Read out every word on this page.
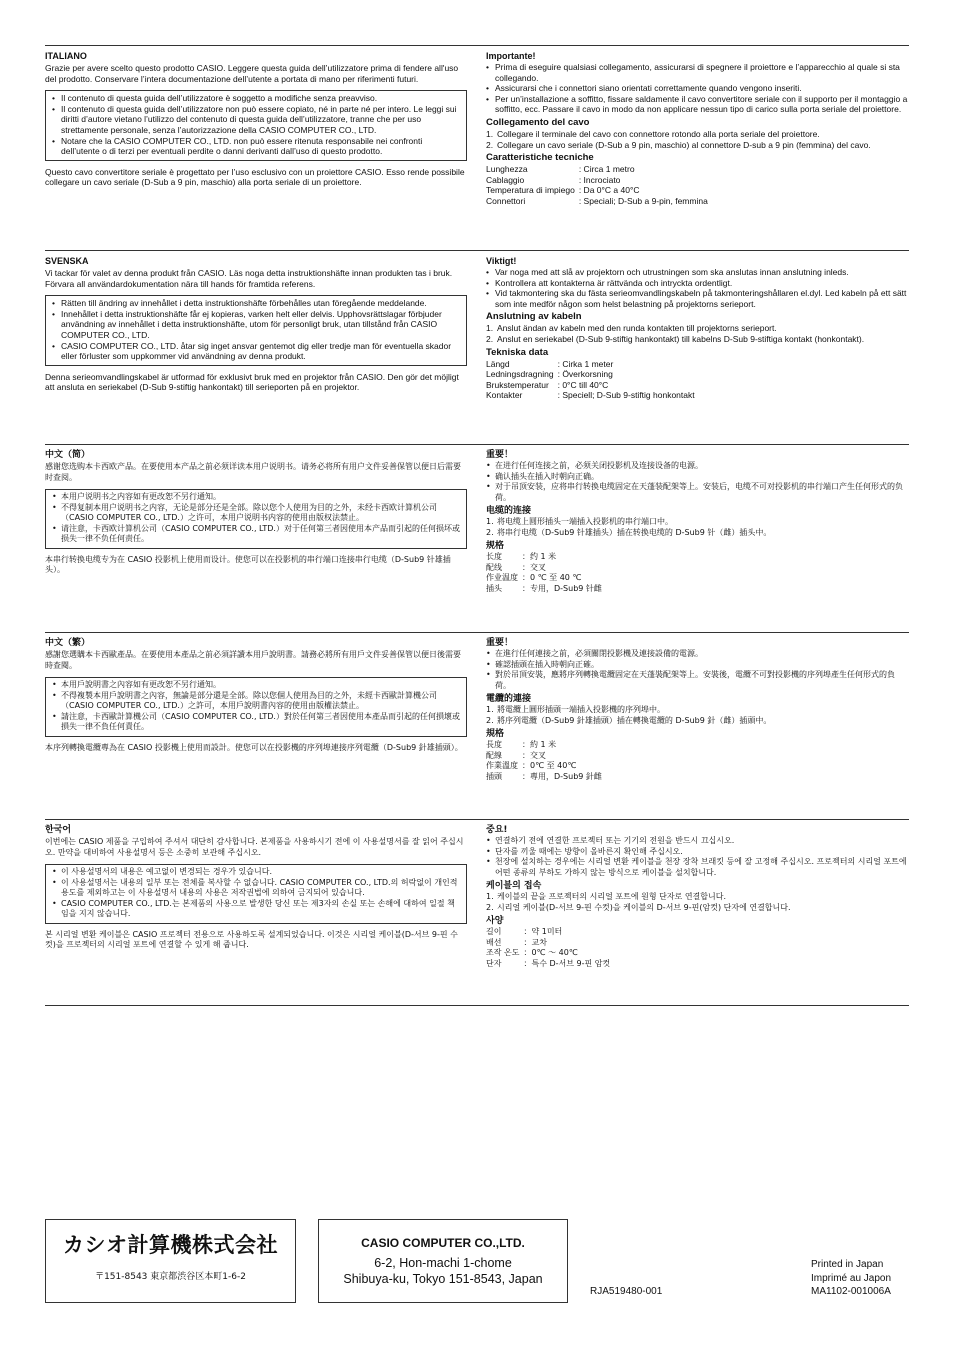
ITALIANO
Grazie per avere scelto questo prodotto CASIO. Leggere questa guida dell’utilizzatore prima di fendere all'uso del prodotto. Conservare l’intera documentazione dell’utente a portata di mano per riferimenti futuri.
• Il contenuto di questa guida dell’utilizzatore è soggetto a modifiche senza preavviso.
• Il contenuto di questa guida dell’utilizzatore non può essere copiato, né in parte né per intero. Le leggi sui diritti d’autore vietano l’utilizzo del contenuto di questa guida dell’utilizzatore, tranne che per uso strettamente personale, senza l’autorizzazione della CASIO COMPUTER CO., LTD.
• Notare che la CASIO COMPUTER CO., LTD. non può essere ritenuta responsabile nei confronti dell’utente o di terzi per eventuali perdite o danni derivanti dall’uso di questo prodotto.
Questo cavo convertitore seriale è progettato per l’uso esclusivo con un proiettore CASIO. Esso rende possibile collegare un cavo seriale (D-Sub a 9 pin, maschio) alla porta seriale di un proiettore.
Importante!
• Prima di eseguire qualsiasi collegamento, assicurarsi di spegnere il proiettore e l’apparecchio al quale si sta collegando.
• Assicurarsi che i connettori siano orientati correttamente quando vengono inseriti.
• Per un’installazione a soffitto, fissare saldamente il cavo convertitore seriale con il supporto per il montaggio a soffitto, ecc. Passare il cavo in modo da non applicare nessun tipo di carico sulla porta seriale del proiettore.
Collegamento del cavo
1. Collegare il terminale del cavo con connettore rotondo alla porta seriale del proiettore.
2. Collegare un cavo seriale (D-Sub a 9 pin, maschio) al connettore D-sub a 9 pin (femmina) del cavo.
Caratteristiche tecniche
Lunghezza	: Circa 1 metro
Cablaggio	: Incrociato
Temperatura di impiego	: Da 0°C a 40°C
Connettori	: Speciali; D-Sub a 9-pin, femmina
SVENSKA
Vi tackar för valet av denna produkt från CASIO. Läs noga detta instruktionshäfte innan produkten tas i bruk. Förvara all användardokumentation nära till hands för framtida referens.
• Rätten till ändring av innehållet i detta instruktionshäfte förbehålles utan föregående meddelande.
• Innehållet i detta instruktionshäfte får ej kopieras, varken helt eller delvis. Upphovsrättslagar förbjuder användning av innehållet i detta instruktionshäfte, utom för personligt bruk, utan tillstånd från CASIO COMPUTER CO., LTD.
• CASIO COMPUTER CO., LTD. åtar sig inget ansvar gentemot dig eller tredje man för eventuella skador eller förluster som uppkommer vid användning av denna produkt.
Denna serieomvandlingskabel är utformad för exklusivt bruk med en projektor från CASIO. Den gör det möjligt att ansluta en seriekabel (D-Sub 9-stiftig hankontakt) till serieporten på en projektor.
Viktigt!
• Var noga med att slå av projektorn och utrustningen som ska anslutas innan anslutning inleds.
• Kontrollera att kontakterna är rättvända och intryckta ordentligt.
• Vid takmontering ska du fästa serieomvandlingskabeln på takmonteringshållaren el.dyl. Led kabeln på ett sätt som inte medför någon som helst belastning på projektorns serieport.
Anslutning av kabeln
1. Anslut ändan av kabeln med den runda kontakten till projektorns serieport.
2. Anslut en seriekabel (D-Sub 9-stiftig hankontakt) till kabelns D-Sub 9-stiftiga kontakt (honkontakt).
Tekniska data
Längd	: Cirka 1 meter
Ledningsdragning	: Överkorsning
Brukstemperatur	: 0°C till 40°C
Kontakter	: Speciell; D-Sub 9-stiftig honkontakt
中文（简）
感谢您选购本卡西欧产品。在要使用本产品之前必须详读本用户说明书。请务必将所有用户文件妥善保管以便日后需要时查阅。
• 本用户说明书之内容如有更改恕不另行通知。
• 不得复制本用户说明书之内容，无论是部分还是全部。除以您个人使用为目的之外，未经卡西欧计算机公司（CASIO COMPUTER CO., LTD.）之许可，本用户说明书内容的使用由版权法禁止。
• 请注意，卡西欧计算机公司（CASIO COMPUTER CO., LTD.）对于任何第三者因使用本产品而引起的任何损坏或损失一律不负任何责任。
本串行转换电缆专为在 CASIO 投影机上使用而设计。使您可以在投影机的串行端口连接串行电缆（D-Sub9 针雄插头）。
重要！
• 在进行任何连接之前，必须关闭投影机及连接设备的电源。
• 确认插头在插入时朝向正确。
• 对于吊顶安装，应将串行转换电缆固定在天蓬装配架等上。安装后，电缆不可对投影机的串行端口产生任何形式的负荷。
电缆的连接
1. 将电缆上圆形插头一端插入投影机的串行端口中。
2. 将串行电缆（D-Sub9 针雄插头）插在转换电缆的 D-Sub9 针（雌）插头中。
规格
长度	：约 1 米
配线	：交叉
作业温度	：0 ℃ 至 40 ℃
插头	：专用，D-Sub9 针雌
中文（繁）
感謝您選購本卡西歐產品。在要使用本產品之前必須詳讀本用戶說明書。請務必將所有用戶文件妥善保管以便日後需要時查閱。
• 本用戶說明書之內容如有更改恕不另行通知。
• 不得複製本用戶說明書之內容，無論是部分還是全部。除以您個人使用為目的之外，未經卡西歐計算機公司（CASIO COMPUTER CO., LTD.）之許可，本用戶說明書內容的使用由版權法禁止。
• 請注意，卡西歐計算機公司（CASIO COMPUTER CO., LTD.）對於任何第三者因使用本產品而引起的任何損壞或損失一律不負任何責任。
本序列轉換電纜專為在 CASIO 投影機上使用而設計。使您可以在投影機的序列埠連接序列電纜（D-Sub9 針雄插頭）。
重要！
• 在進行任何連接之前，必須關閉投影機及連接設備的電源。
• 確認插頭在插入時朝向正確。
• 對於吊頂安裝，應將序列轉換電纜固定在天蓬裝配架等上。安裝後，電纜不可對投影機的序列埠產生任何形式的負荷。
電纜的連接
1. 將電纜上圓形插頭一端插入投影機的序列埠中。
2. 將序列電纜（D-Sub9 針雄插頭）插在轉換電纜的 D-Sub9 針（雌）插頭中。
規格
長度	：約 1 米
配線	：交叉
作業溫度	：0℃ 至 40℃
插頭	：專用，D-Sub9 針雌
한국어
이번에는 CASIO 제품을 구입하여 주셔서 대단히 감사합니다. 본제품을 사용하시기 전에 이 사용설명서를 잘 읽어 주십시오. 만약을 대비하여 사용설명서 등은 소중히 보관해 주십시오.
• 이 사용설명서의 내용은 예고없이 변경되는 경우가 있습니다.
• 이 사용설명서는 내용의 일부 또는 전체를 복사할 수 없습니다. CASIO COMPUTER CO., LTD.의 허락없이 개인적 용도를 제외하고는 이 사용설명서 내용의 사용은 저작권법에 의하여 금지되어 있습니다.
• CASIO COMPUTER CO., LTD.는 본제품의 사용으로 발생한 당신 또는 제3자의 손실 또는 손해에 대하여 일절 책임을 지지 않습니다.
본 시리얼 변환 케이블은 CASIO 프로젝터 전용으로 사용하도록 설계되었습니다. 이것은 시리얼 케이블(D-서브 9-핀 수컷)을 프로젝터의 시리얼 포트에 연결할 수 있게 해 줍니다.
중요!
• 연결하기 전에 연결한 프로젝터 또는 기기의 전원을 반드시 끄십시오.
• 단자를 끼울 때에는 방향이 올바른지 확인해 주십시오.
• 천장에 설치하는 경우에는 시리얼 변환 케이블을 천장 장착 브래킷 등에 잘 고정해 주십시오. 프로젝터의 시리얼 포트에 어떤 종류의 부하도 가하지 않는 방식으로 케이블을 설치합니다.
케이블의 접속
1. 케이블의 끝을 프로젝터의 시리얼 포트에 원형 단자로 연결합니다.
2. 시리얼 케이블(D-서브 9-핀 수컷)을 케이블의 D-서브 9-핀(암컷) 단자에 연결합니다.
사양
길이	：약 1미터
배선	：교차
조작 온도	：0℃ ～ 40℃
단자	：특수 D-서브 9-핀 암컷
カシオ計算機株式会社
〒151-8543 東京都渋谷区本町1-6-2
CASIO COMPUTER CO.,LTD.
6-2, Hon-machi 1-chome
Shibuya-ku, Tokyo 151-8543, Japan
RJA519480-001
Printed in Japan
Imprimé au Japon
MA1102-001006A
